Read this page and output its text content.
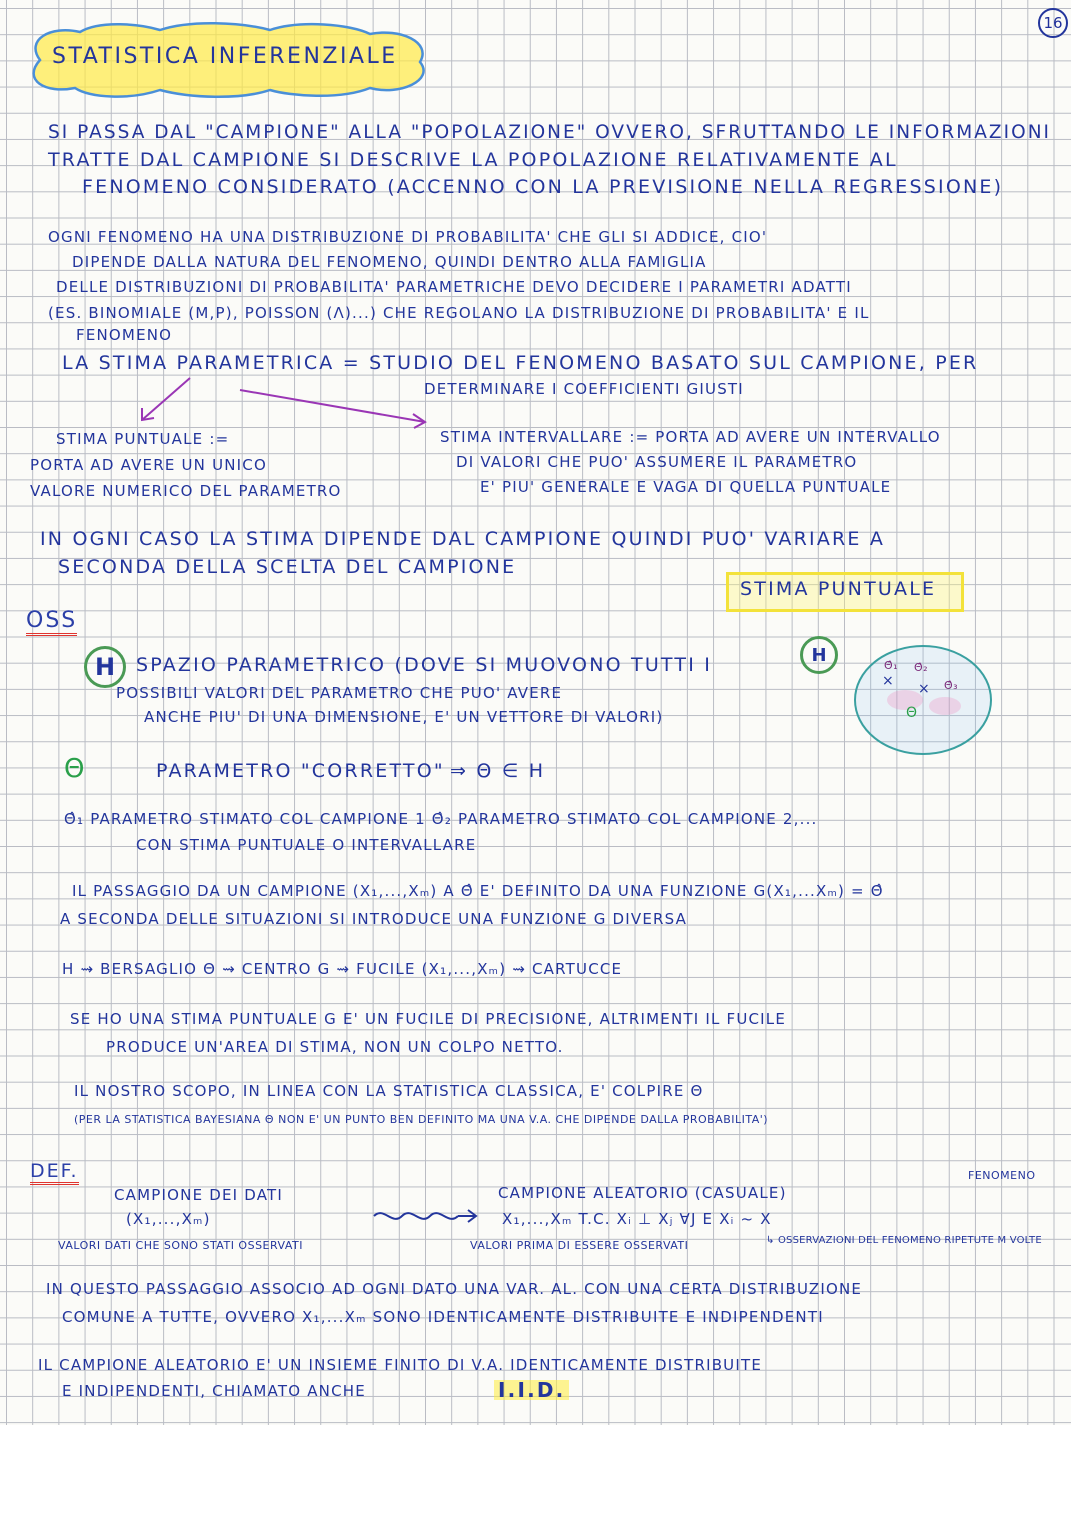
16
STATISTICA INFERENZIALE
SI PASSA DAL "CAMPIONE" ALLA "POPOLAZIONE" OVVERO, SFRUTTANDO LE INFORMAZIONI
TRATTE DAL CAMPIONE SI DESCRIVE LA POPOLAZIONE RELATIVAMENTE AL
FENOMENO CONSIDERATO (ACCENNO CON LA PREVISIONE NELLA REGRESSIONE)
OGNI FENOMENO HA UNA DISTRIBUZIONE DI PROBABILITA' CHE GLI SI ADDICE, CIO'
DIPENDE DALLA NATURA DEL FENOMENO, QUINDI DENTRO ALLA FAMIGLIA
DELLE DISTRIBUZIONI DI PROBABILITA' PARAMETRICHE DEVO DECIDERE I PARAMETRI ADATTI
(ES. BINOMIALE (M,P), POISSON (Λ)...) CHE REGOLANO LA DISTRIBUZIONE DI PROBABILITA' E IL
FENOMENO
LA STIMA PARAMETRICA = STUDIO DEL FENOMENO BASATO SUL CAMPIONE, PER
DETERMINARE I COEFFICIENTI GIUSTI
STIMA PUNTUALE :=
PORTA AD AVERE UN UNICO
VALORE NUMERICO DEL PARAMETRO
STIMA INTERVALLARE := PORTA AD AVERE UN INTERVALLO
DI VALORI CHE PUO' ASSUMERE IL PARAMETRO
E' PIU' GENERALE E VAGA DI QUELLA PUNTUALE
IN OGNI CASO LA STIMA DIPENDE DAL CAMPIONE QUINDI PUO' VARIARE A
SECONDA DELLA SCELTA DEL CAMPIONE
STIMA PUNTUALE
OSS
H SPAZIO PARAMETRICO (DOVE SI MUOVONO TUTTI I
POSSIBILI VALORI DEL PARAMETRO CHE PUO' AVERE
ANCHE PIU' DI UNA DIMENSIONE, E' UN VETTORE DI VALORI)
H	Θ̂₁ Θ̂₂
Θ̂₃
Θ
× ×
Θ	PARAMETRO "CORRETTO" ⇒ Θ ∈ H
Θ̂₁ PARAMETRO STIMATO COL CAMPIONE 1 Θ̂₂ PARAMETRO STIMATO COL CAMPIONE 2,...
CON STIMA PUNTUALE O INTERVALLARE
IL PASSAGGIO DA UN CAMPIONE (X₁,...,Xₘ) A Θ̂ E' DEFINITO DA UNA FUNZIONE G(X₁,...Xₘ) = Θ̂
A SECONDA DELLE SITUAZIONI SI INTRODUCE UNA FUNZIONE G DIVERSA
H ⇝ BERSAGLIO Θ ⇝ CENTRO G ⇝ FUCILE (X₁,...,Xₘ) ⇝ CARTUCCE
SE HO UNA STIMA PUNTUALE G E' UN FUCILE DI PRECISIONE, ALTRIMENTI IL FUCILE
PRODUCE UN'AREA DI STIMA, NON UN COLPO NETTO.
IL NOSTRO SCOPO, IN LINEA CON LA STATISTICA CLASSICA, E' COLPIRE Θ
(PER LA STATISTICA BAYESIANA Θ NON E' UN PUNTO BEN DEFINITO MA UNA V.A. CHE DIPENDE DALLA PROBABILITA')
DEF.	FENOMENO
CAMPIONE DEI DATI
(X₁,...,Xₘ)
CAMPIONE ALEATORIO (CASUALE)
X₁,...,Xₘ T.C. Xᵢ ⊥ Xⱼ ∀J E Xᵢ ~ X
VALORI DATI CHE SONO STATI OSSERVATI	VALORI PRIMA DI ESSERE OSSERVATI	↳ OSSERVAZIONI DEL FENOMENO RIPETUTE M VOLTE
IN QUESTO PASSAGGIO ASSOCIO AD OGNI DATO UNA VAR. AL. CON UNA CERTA DISTRIBUZIONE
COMUNE A TUTTE, OVVERO X₁,...Xₘ SONO IDENTICAMENTE DISTRIBUITE E INDIPENDENTI
IL CAMPIONE ALEATORIO E' UN INSIEME FINITO DI V.A. IDENTICAMENTE DISTRIBUITE
E INDIPENDENTI, CHIAMATO ANCHE	I.I.D.
